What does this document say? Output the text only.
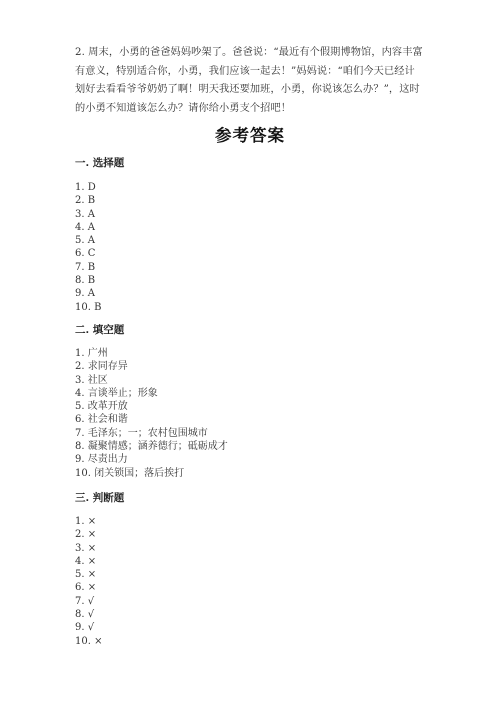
2. 周末，小勇的爸爸妈妈吵架了。爸爸说：“最近有个假期博物馆，内容丰富
有意义，特别适合你，小勇，我们应该一起去！”妈妈说：“咱们今天已经计
划好去看看爷爷奶奶了啊！明天我还要加班，小勇，你说该怎么办？”，这时
的小勇不知道该怎么办？请你给小勇支个招吧！
参考答案
一. 选择题
1. D
2. B
3. A
4. A
5. A
6. C
7. B
8. B
9. A
10. B
二. 填空题
1. 广州
2. 求同存异
3. 社区
4. 言谈举止；形象
5. 改革开放
6. 社会和谐
7. 毛泽东；一；农村包围城市
8. 凝聚情感；涵养德行；砥砺成才
9. 尽责出力
10. 闭关锁国；落后挨打
三. 判断题
1. ×
2. ×
3. ×
4. ×
5. ×
6. ×
7. √
8. √
9. √
10. ×
